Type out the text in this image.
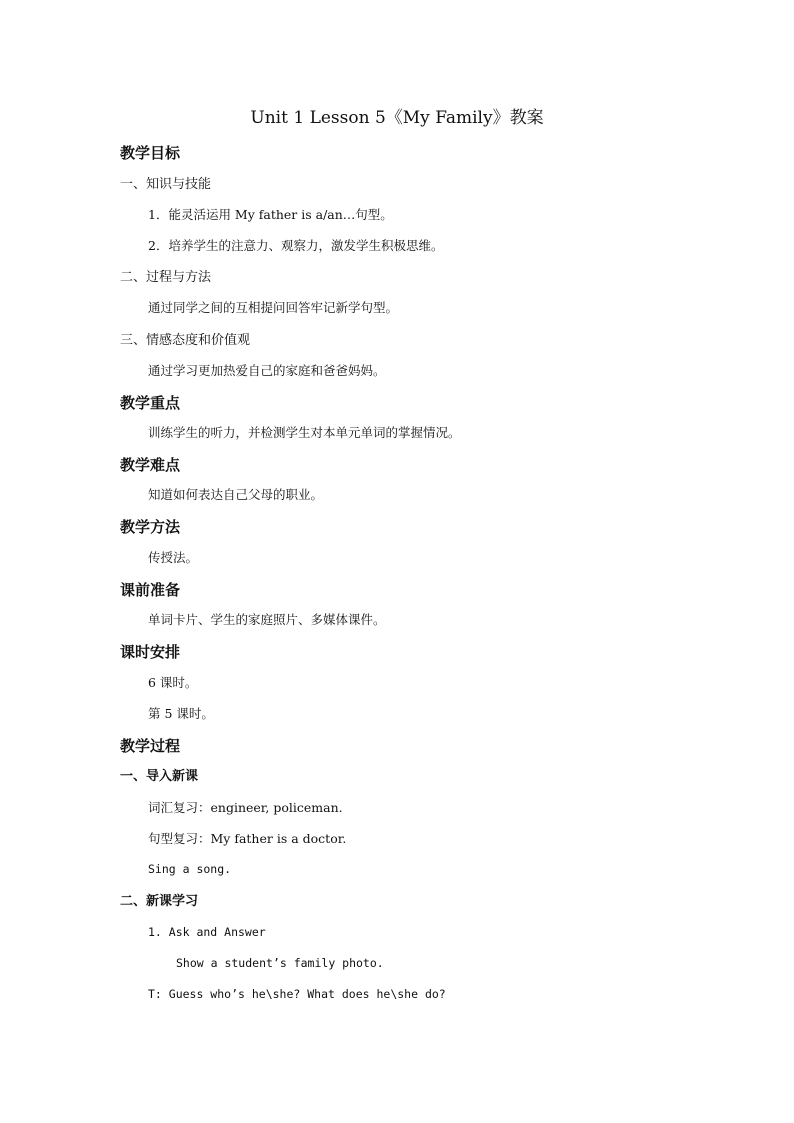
Unit 1 Lesson 5《My Family》教案
教学目标
一、知识与技能
1．能灵活运用 My father is a/an…句型。
2．培养学生的注意力、观察力，激发学生积极思维。
二、过程与方法
通过同学之间的互相提问回答牢记新学句型。
三、情感态度和价值观
通过学习更加热爱自己的家庭和爸爸妈妈。
教学重点
训练学生的听力，并检测学生对本单元单词的掌握情况。
教学难点
知道如何表达自己父母的职业。
教学方法
传授法。
课前准备
单词卡片、学生的家庭照片、多媒体课件。
课时安排
6 课时。
第 5 课时。
教学过程
一、导入新课
词汇复习：engineer, policeman.
句型复习：My father is a doctor.
Sing a song.
二、新课学习
1. Ask and Answer
Show a student’s family photo.
T: Guess who’s he\she? What does he\she do?
